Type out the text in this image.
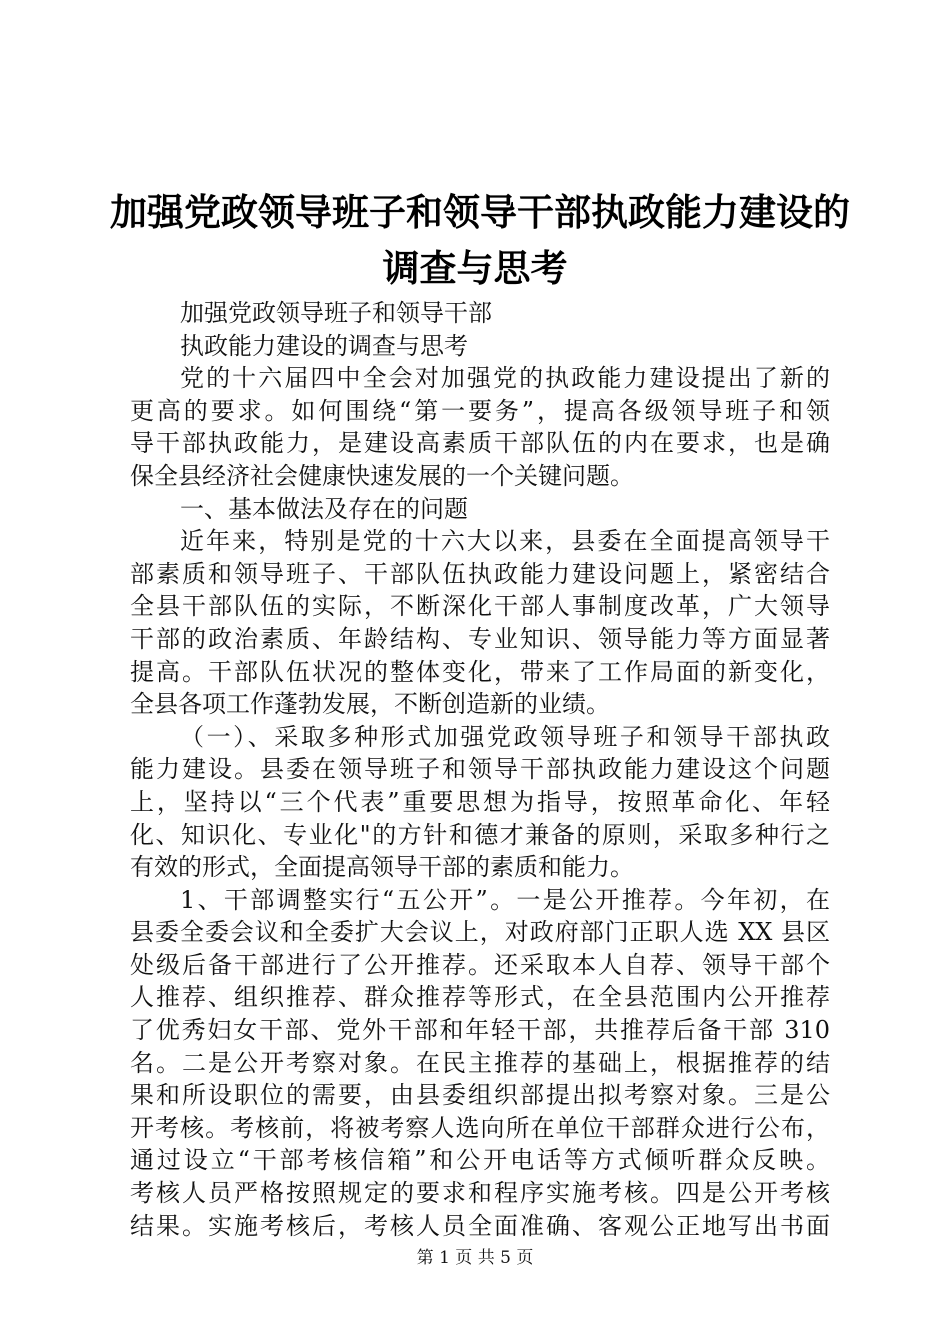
加强党政领导班子和领导干部执政能力建设的
调查与思考
加强党政领导班子和领导干部
执政能力建设的调查与思考
党的十六届四中全会对加强党的执政能力建设提出了新的
更高的要求。如何围绕“第一要务”，提高各级领导班子和领
导干部执政能力，是建设高素质干部队伍的内在要求，也是确
保全县经济社会健康快速发展的一个关键问题。
一、基本做法及存在的问题
近年来，特别是党的十六大以来，县委在全面提高领导干
部素质和领导班子、干部队伍执政能力建设问题上，紧密结合
全县干部队伍的实际，不断深化干部人事制度改革，广大领导
干部的政治素质、年龄结构、专业知识、领导能力等方面显著
提高。干部队伍状况的整体变化，带来了工作局面的新变化，
全县各项工作蓬勃发展，不断创造新的业绩。
（一）、采取多种形式加强党政领导班子和领导干部执政
能力建设。县委在领导班子和领导干部执政能力建设这个问题
上，坚持以“三个代表”重要思想为指导，按照革命化、年轻
化、知识化、专业化"的方针和德才兼备的原则，采取多种行之
有效的形式，全面提高领导干部的素质和能力。
1、干部调整实行“五公开”。一是公开推荐。今年初，在
县委全委会议和全委扩大会议上，对政府部门正职人选 XX 县区
处级后备干部进行了公开推荐。还采取本人自荐、领导干部个
人推荐、组织推荐、群众推荐等形式，在全县范围内公开推荐
了优秀妇女干部、党外干部和年轻干部，共推荐后备干部 310
名。二是公开考察对象。在民主推荐的基础上，根据推荐的结
果和所设职位的需要，由县委组织部提出拟考察对象。三是公
开考核。考核前，将被考察人选向所在单位干部群众进行公布，
通过设立“干部考核信箱”和公开电话等方式倾听群众反映。
考核人员严格按照规定的要求和程序实施考核。四是公开考核
结果。实施考核后，考核人员全面准确、客观公正地写出书面
第 1 页 共 5 页
